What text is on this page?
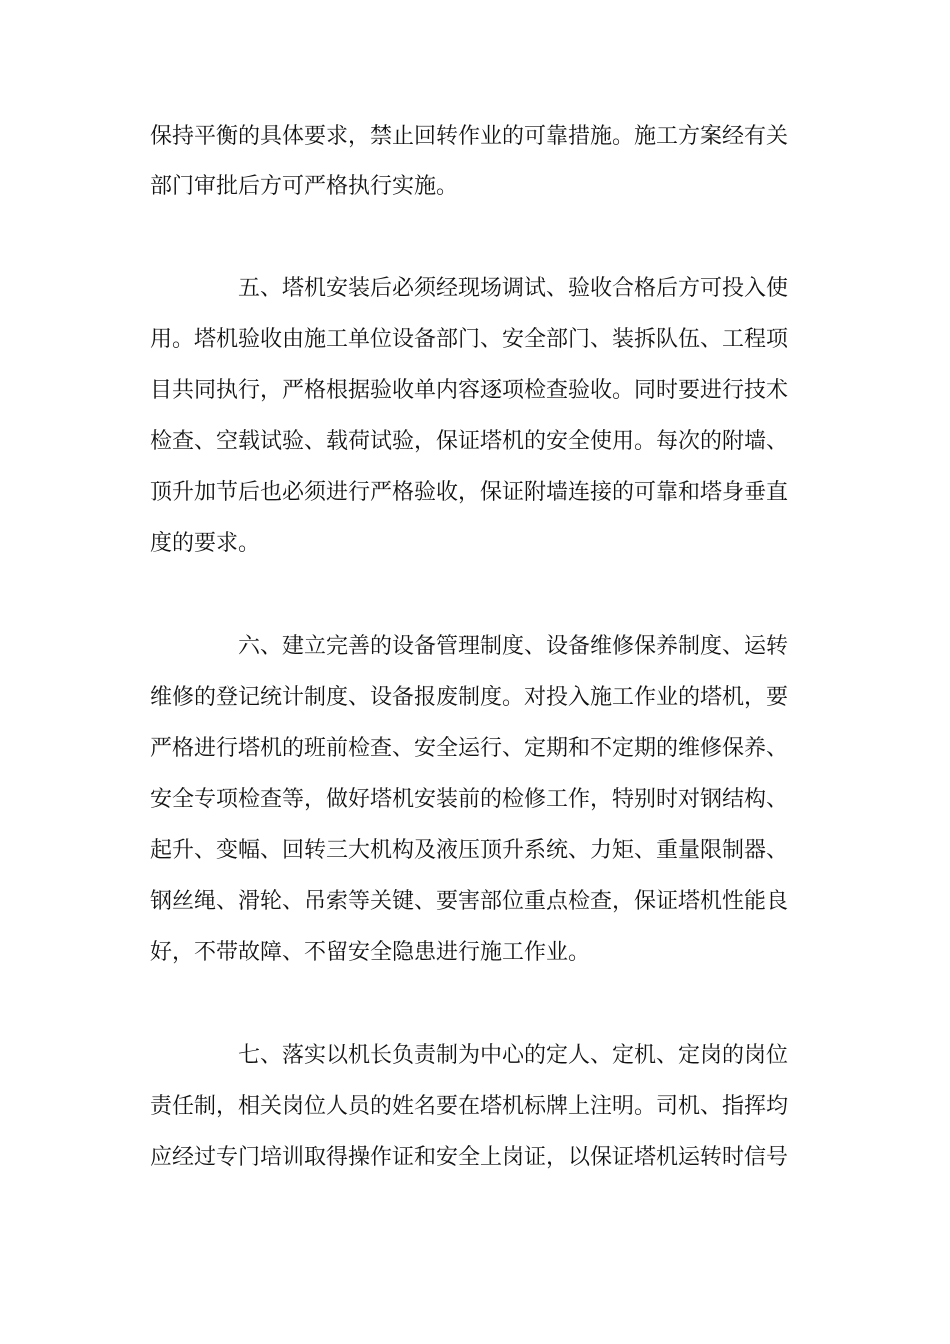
保持平衡的具体要求，禁止回转作业的可靠措施。施工方案经有关
部门审批后方可严格执行实施。
五、塔机安装后必须经现场调试、验收合格后方可投入使
用。塔机验收由施工单位设备部门、安全部门、装拆队伍、工程项
目共同执行，严格根据验收单内容逐项检查验收。同时要进行技术
检查、空载试验、载荷试验，保证塔机的安全使用。每次的附墙、
顶升加节后也必须进行严格验收，保证附墙连接的可靠和塔身垂直
度的要求。
六、建立完善的设备管理制度、设备维修保养制度、运转
维修的登记统计制度、设备报废制度。对投入施工作业的塔机，要
严格进行塔机的班前检查、安全运行、定期和不定期的维修保养、
安全专项检查等，做好塔机安装前的检修工作，特别时对钢结构、
起升、变幅、回转三大机构及液压顶升系统、力矩、重量限制器、
钢丝绳、滑轮、吊索等关键、要害部位重点检查，保证塔机性能良
好，不带故障、不留安全隐患进行施工作业。
七、落实以机长负责制为中心的定人、定机、定岗的岗位
责任制，相关岗位人员的姓名要在塔机标牌上注明。司机、指挥均
应经过专门培训取得操作证和安全上岗证，以保证塔机运转时信号
